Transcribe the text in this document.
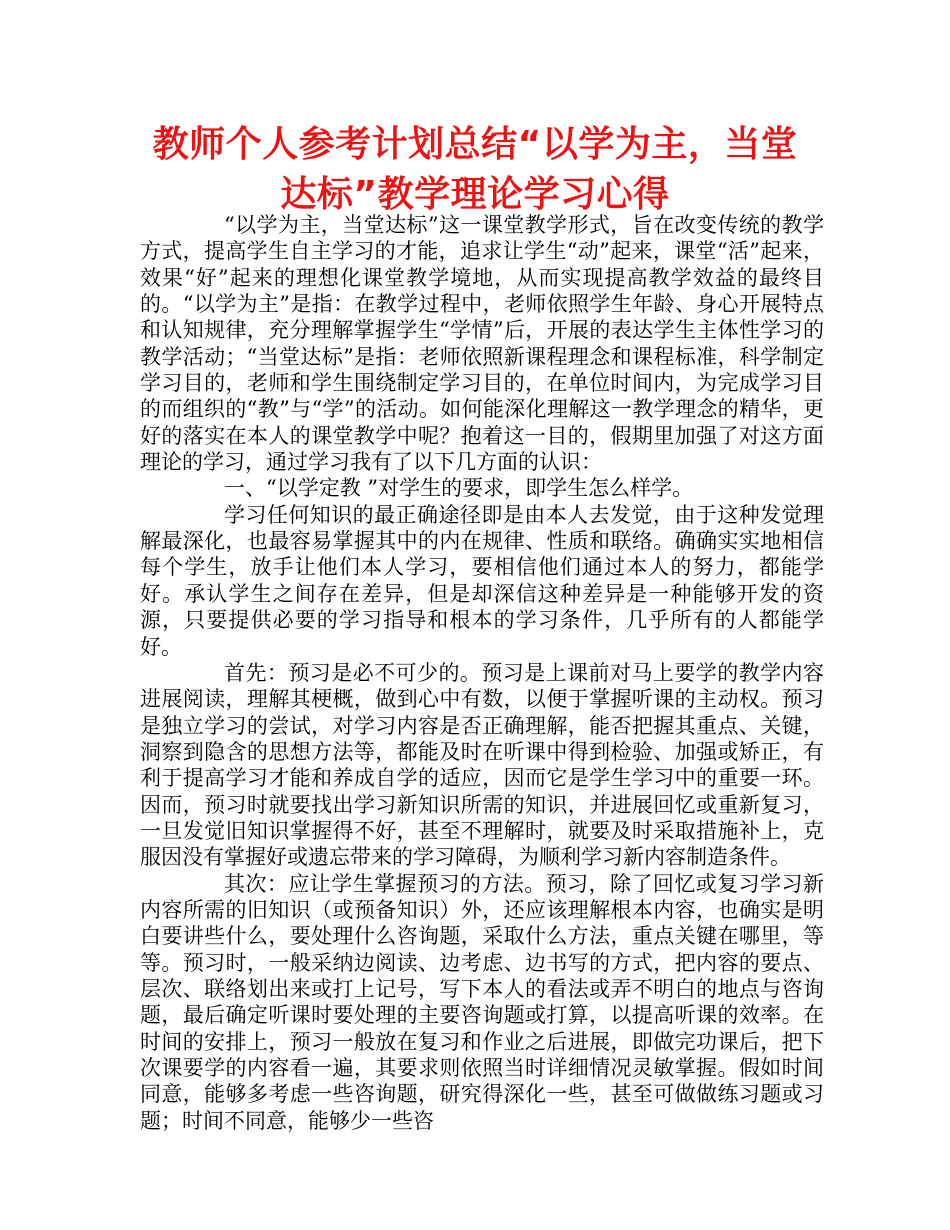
教师个人参考计划总结“以学为主，当堂
达标”教学理论学习心得

“以学为主，当堂达标”这一课堂教学形式，旨在改变传统的教学方式，提高学生自主学习的才能，追求让学生“动”起来，课堂“活”起来，效果“好”起来的理想化课堂教学境地，从而实现提高教学效益的最终目的。“以学为主”是指：在教学过程中，老师依照学生年龄、身心开展特点和认知规律，充分理解掌握学生“学情”后，开展的表达学生主体性学习的教学活动；“当堂达标”是指：老师依照新课程理念和课程标准，科学制定学习目的，老师和学生围绕制定学习目的，在单位时间内，为完成学习目的而组织的“教”与“学”的活动。如何能深化理解这一教学理念的精华，更好的落实在本人的课堂教学中呢？抱着这一目的，假期里加强了对这方面理论的学习，通过学习我有了以下几方面的认识：

一、“以学定教 ”对学生的要求，即学生怎么样学。

学习任何知识的最正确途径即是由本人去发觉，由于这种发觉理解最深化，也最容易掌握其中的内在规律、性质和联络。确确实实地相信每个学生，放手让他们本人学习，要相信他们通过本人的努力，都能学好。承认学生之间存在差异，但是却深信这种差异是一种能够开发的资源，只要提供必要的学习指导和根本的学习条件，几乎所有的人都能学好。

首先：预习是必不可少的。预习是上课前对马上要学的教学内容进展阅读，理解其梗概，做到心中有数，以便于掌握听课的主动权。预习是独立学习的尝试，对学习内容是否正确理解，能否把握其重点、关键，洞察到隐含的思想方法等，都能及时在听课中得到检验、加强或矫正，有利于提高学习才能和养成自学的适应，因而它是学生学习中的重要一环。因而，预习时就要找出学习新知识所需的知识，并进展回忆或重新复习，一旦发觉旧知识掌握得不好，甚至不理解时，就要及时采取措施补上，克服因没有掌握好或遗忘带来的学习障碍，为顺利学习新内容制造条件。

其次：应让学生掌握预习的方法。预习，除了回忆或复习学习新内容所需的旧知识（或预备知识）外，还应该理解根本内容，也确实是明白要讲些什么，要处理什么咨询题，采取什么方法，重点关键在哪里，等等。预习时，一般采纳边阅读、边考虑、边书写的方式，把内容的要点、层次、联络划出来或打上记号，写下本人的看法或弄不明白的地点与咨询题，最后确定听课时要处理的主要咨询题或打算，以提高听课的效率。在时间的安排上，预习一般放在复习和作业之后进展，即做完功课后，把下次课要学的内容看一遍，其要求则依照当时详细情况灵敏掌握。假如时间同意，能够多考虑一些咨询题，研究得深化一些，甚至可做做练习题或习题；时间不同意，能够少一些咨
